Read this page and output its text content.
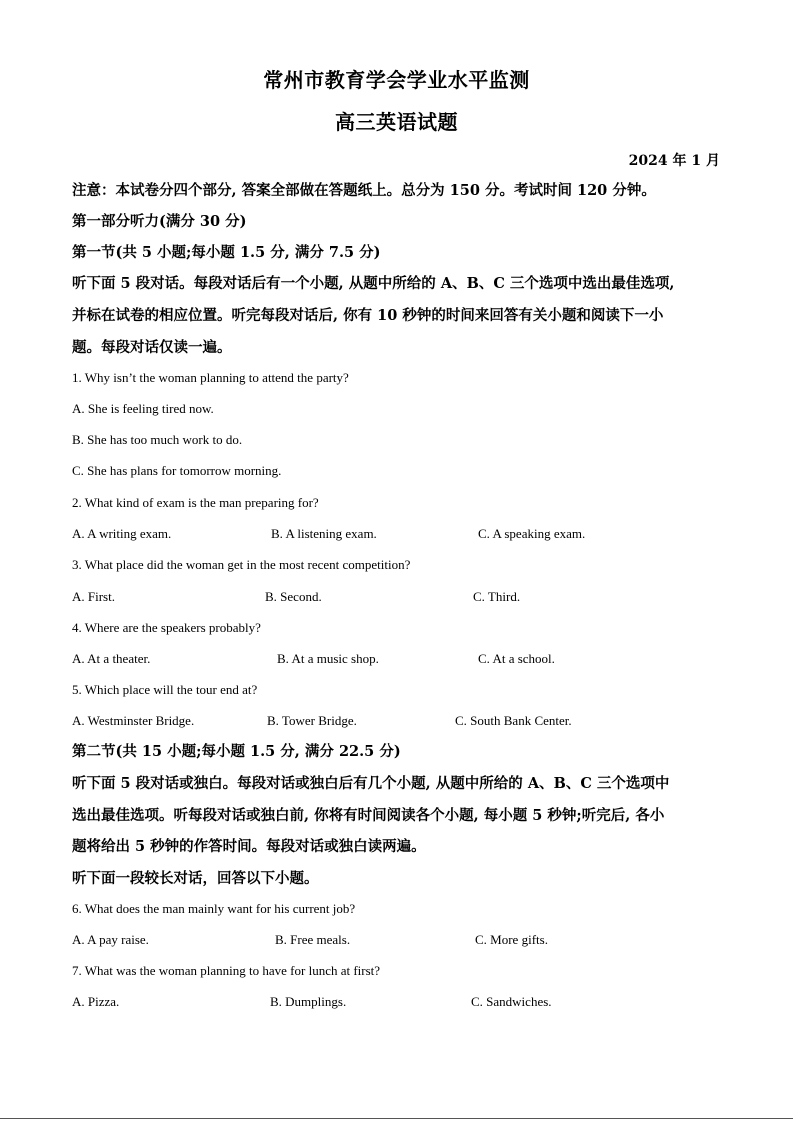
常州市教育学会学业水平监测
高三英语试题
2024 年 1 月
注意：本试卷分四个部分, 答案全部做在答题纸上。总分为 150 分。考试时间 120 分钟。
第一部分听力(满分 30 分)
第一节(共 5 小题;每小题 1.5 分, 满分 7.5 分)
听下面 5 段对话。每段对话后有一个小题, 从题中所给的 A、B、C 三个选项中选出最佳选项,
并标在试卷的相应位置。听完每段对话后, 你有 10 秒钟的时间来回答有关小题和阅读下一小
题。每段对话仅读一遍。
1. Why isn’t the woman planning to attend the party?
A. She is feeling tired now.
B. She has too much work to do.
C. She has plans for tomorrow morning.
2. What kind of exam is the man preparing for?
A. A writing exam.	B. A listening exam.	C. A speaking exam.
3. What place did the woman get in the most recent competition?
A. First.	B. Second.	C. Third.
4. Where are the speakers probably?
A. At a theater.	B. At a music shop.	C. At a school.
5. Which place will the tour end at?
A. Westminster Bridge.	B. Tower Bridge.	C. South Bank Center.
第二节(共 15 小题;每小题 1.5 分, 满分 22.5 分)
听下面 5 段对话或独白。每段对话或独白后有几个小题, 从题中所给的 A、B、C 三个选项中
选出最佳选项。听每段对话或独白前, 你将有时间阅读各个小题, 每小题 5 秒钟;听完后, 各小
题将给出 5 秒钟的作答时间。每段对话或独白读两遍。
听下面一段较长对话，回答以下小题。
6. What does the man mainly want for his current job?
A. A pay raise.	B. Free meals.	C. More gifts.
7. What was the woman planning to have for lunch at first?
A. Pizza.	B. Dumplings.	C. Sandwiches.
